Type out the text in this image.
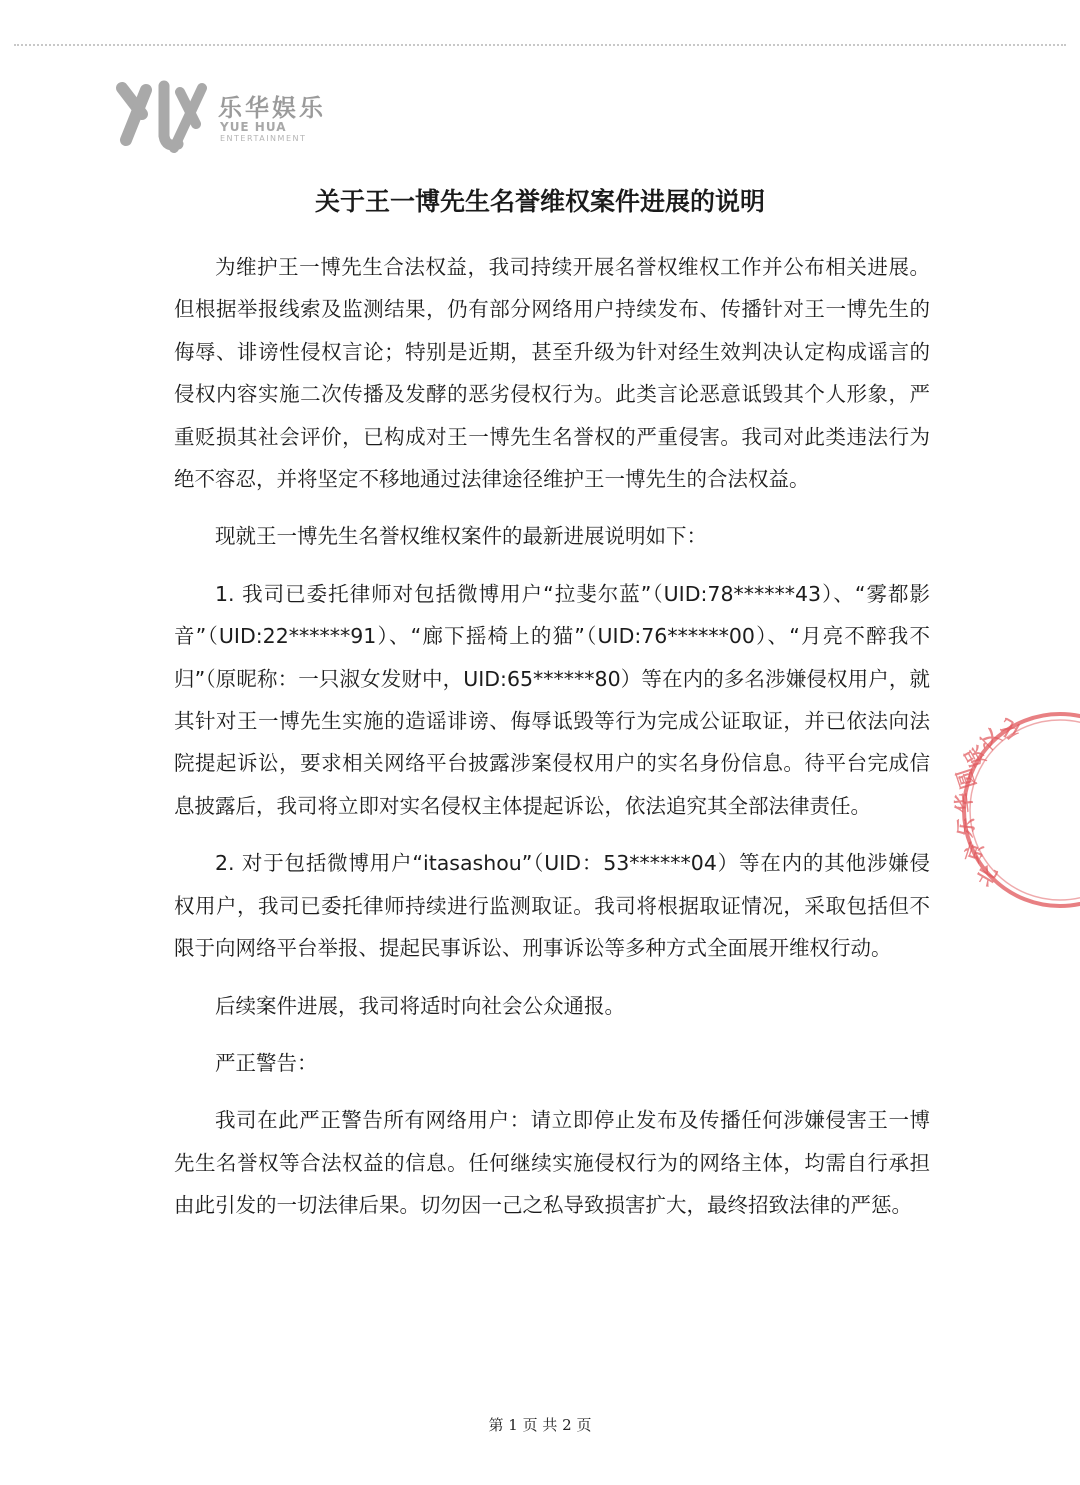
乐华娱乐
YUE HUA
ENTERTAINMENT
关于王一博先生名誉维权案件进展的说明

为维护王一博先生合法权益，我司持续开展名誉权维权工作并公布相关进展。但根据举报线索及监测结果，仍有部分网络用户持续发布、传播针对王一博先生的侮辱、诽谤性侵权言论；特别是近期，甚至升级为针对经生效判决认定构成谣言的侵权内容实施二次传播及发酵的恶劣侵权行为。此类言论恶意诋毁其个人形象，严重贬损其社会评价，已构成对王一博先生名誉权的严重侵害。我司对此类违法行为绝不容忍，并将坚定不移地通过法律途径维护王一博先生的合法权益。

现就王一博先生名誉权维权案件的最新进展说明如下：

1. 我司已委托律师对包括微博用户“拉斐尔蓝”（UID:78******43）、“雾都影音”（UID:22******91）、“廊下摇椅上的猫”（UID:76******00）、“月亮不醉我不归”（原昵称：一只淑女发财中，UID:65******80）等在内的多名涉嫌侵权用户，就其针对王一博先生实施的造谣诽谤、侮辱诋毁等行为完成公证取证，并已依法向法院提起诉讼，要求相关网络平台披露涉案侵权用户的实名身份信息。待平台完成信息披露后，我司将立即对实名侵权主体提起诉讼，依法追究其全部法律责任。

2. 对于包括微博用户“itasashou”（UID：53******04）等在内的其他涉嫌侵权用户，我司已委托律师持续进行监测取证。我司将根据取证情况，采取包括但不限于向网络平台举报、提起民事诉讼、刑事诉讼等多种方式全面展开维权行动。

后续案件进展，我司将适时向社会公众通报。

严正警告：

我司在此严正警告所有网络用户：请立即停止发布及传播任何涉嫌侵害王一博先生名誉权等合法权益的信息。任何继续实施侵权行为的网络主体，均需自行承担由此引发的一切法律后果。切勿因一己之私导致损害扩大，最终招致法律的严惩。

北
京
乐
华
圆
娱
文
化
第 1 页 共 2 页
